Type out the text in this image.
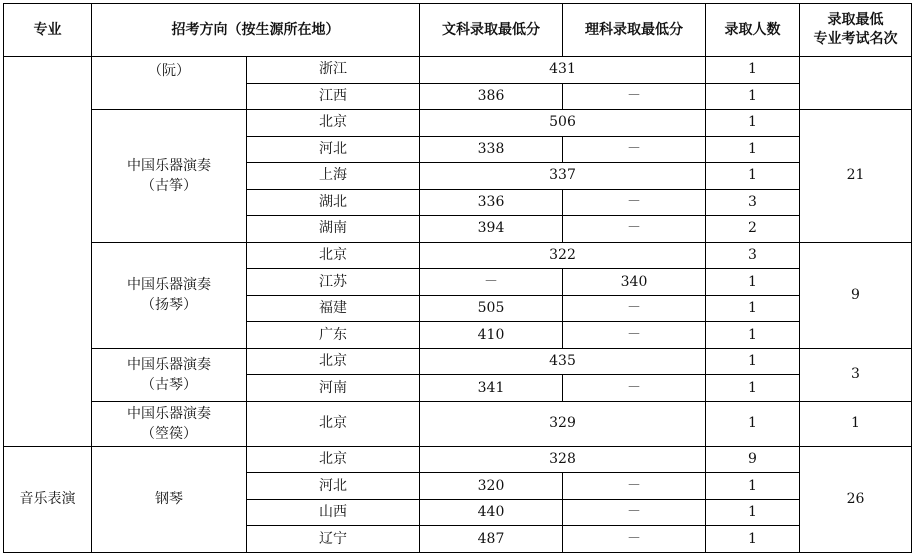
专业	招考方向（按生源所在地）		文科录取最低分	理科录取最低分	录取人数	录取最低
专业考试名次

	（阮）	浙江	431		1	
		江西	386	－	1	

	中国乐器演奏
（古筝）	北京	506		1	21
		河北	338	－	1	
		上海	337		1	
		湖北	336	－	3	
		湖南	394	－	2	

	中国乐器演奏
（扬琴）	北京	322		3	9
		江苏	－	340	1	
		福建	505	－	1	
		广东	410	－	1	

	中国乐器演奏
（古琴）	北京	435		1	3
		河南	341	－	1	

	中国乐器演奏
（箜篌）	北京	329		1	1
音乐表演	钢琴	北京	328		9	26
		河北	320	－	1	
		山西	440	－	1	
		辽宁	487	－	1	
